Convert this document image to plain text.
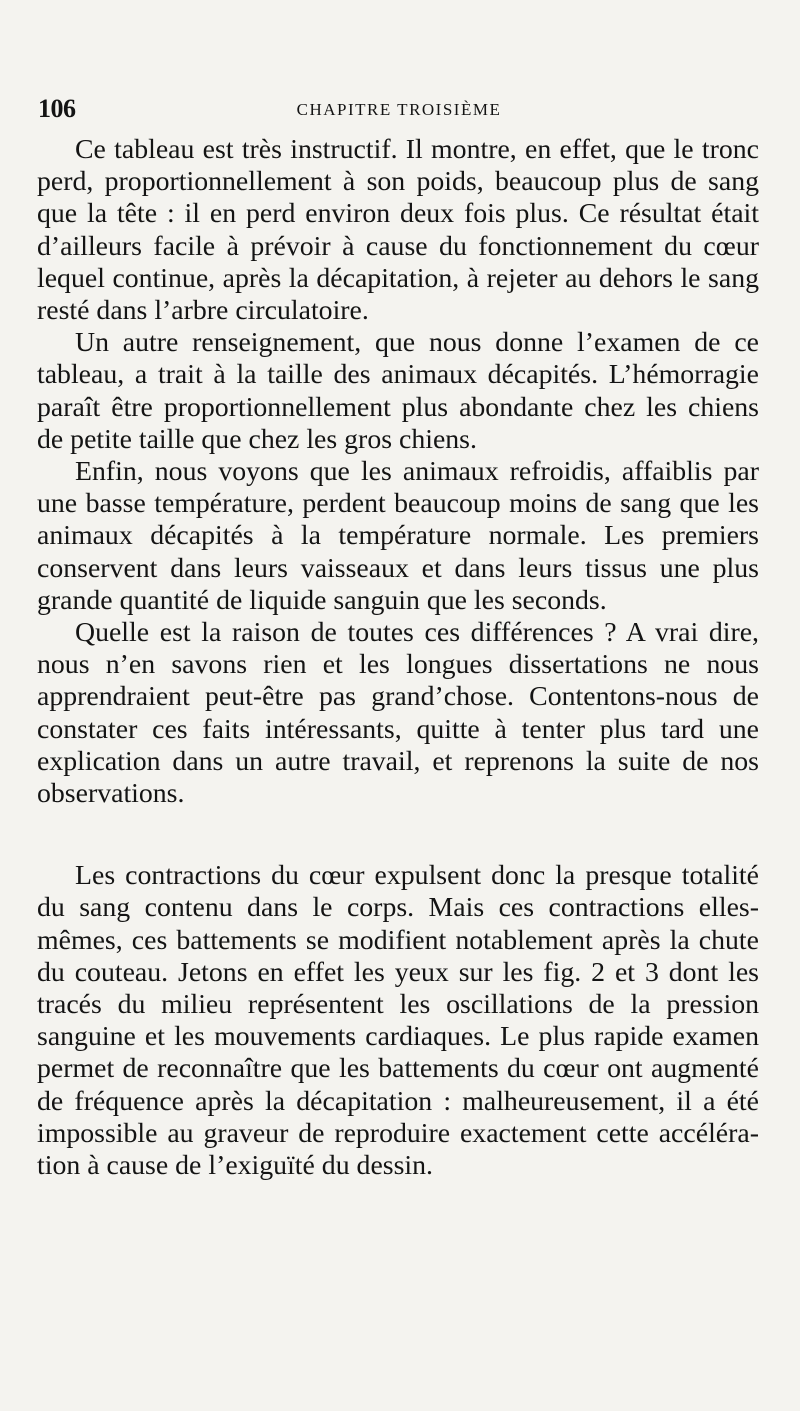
106	CHAPITRE TROISIÈME

Ce tableau est très instructif. Il montre, en effet, que le tronc perd, proportionnellement à son poids, beaucoup plus de sang que la tête : il en perd environ deux fois plus. Ce résultat était d’ailleurs facile à prévoir à cause du fonctionnement du cœur lequel continue, après la décapitation, à rejeter au dehors le sang resté dans l’arbre circulatoire.

Un autre renseignement, que nous donne l’examen de ce tableau, a trait à la taille des animaux décapités. L’hémorragie paraît être proportionnellement plus abondante chez les chiens de petite taille que chez les gros chiens.

Enfin, nous voyons que les animaux refroidis, affaiblis par une basse température, perdent beaucoup moins de sang que les animaux décapités à la température normale. Les premiers conservent dans leurs vaisseaux et dans leurs tissus une plus grande quantité de liquide sanguin que les seconds.

Quelle est la raison de toutes ces différences ? A vrai dire, nous n’en savons rien et les longues dissertations ne nous apprendraient peut-être pas grand’chose. Contentons-nous de constater ces faits intéressants, quitte à tenter plus tard une explication dans un autre travail, et reprenons la suite de nos observations.

Les contractions du cœur expulsent donc la presque totalité du sang contenu dans le corps. Mais ces contractions elles-mêmes, ces battements se modifient notablement après la chute du couteau. Jetons en effet les yeux sur les fig. 2 et 3 dont les tracés du milieu représentent les oscillations de la pression sanguine et les mouvements cardiaques. Le plus rapide examen permet de reconnaître que les battements du cœur ont augmenté de fréquence après la décapitation : malheureusement, il a été impossible au graveur de reproduire exactement cette accélération à cause de l’exiguïté du dessin.
